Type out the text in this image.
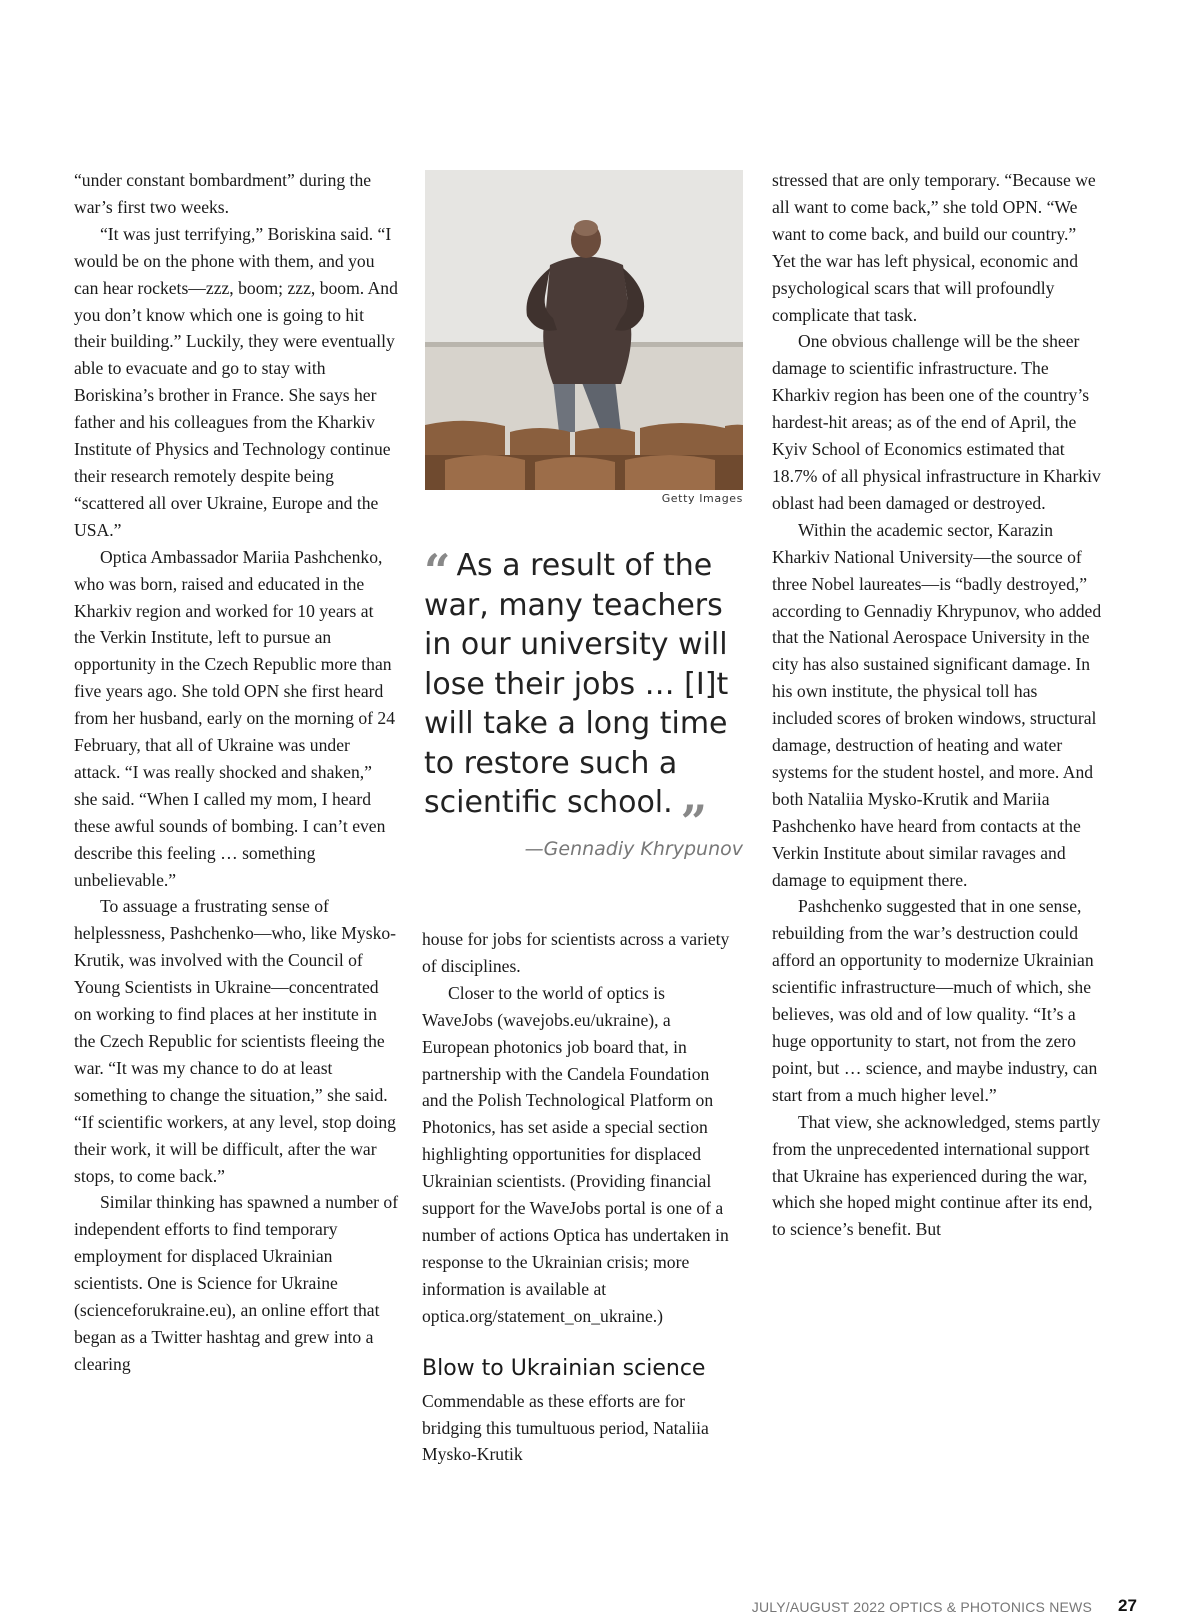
“under constant bombardment” during the war’s first two weeks.

“It was just terrifying,” Boriskina said. “I would be on the phone with them, and you can hear rockets—zzz, boom; zzz, boom. And you don’t know which one is going to hit their building.” Luckily, they were eventually able to evacuate and go to stay with Boriskina’s brother in France. She says her father and his colleagues from the Kharkiv Institute of Physics and Technology continue their research remotely despite being “scattered all over Ukraine, Europe and the USA.”

Optica Ambassador Mariia Pashchenko, who was born, raised and educated in the Kharkiv region and worked for 10 years at the Verkin Institute, left to pursue an opportunity in the Czech Republic more than five years ago. She told OPN she first heard from her husband, early on the morning of 24 February, that all of Ukraine was under attack. “I was really shocked and shaken,” she said. “When I called my mom, I heard these awful sounds of bombing. I can’t even describe this feeling … something unbelievable.”

To assuage a frustrating sense of helplessness, Pashchenko—who, like Mysko-Krutik, was involved with the Council of Young Scientists in Ukraine—concentrated on working to find places at her institute in the Czech Republic for scientists fleeing the war. “It was my chance to do at least something to change the situation,” she said. “If scientific workers, at any level, stop doing their work, it will be difficult, after the war stops, to come back.”

Similar thinking has spawned a number of independent efforts to find temporary employment for displaced Ukrainian scientists. One is Science for Ukraine (scienceforukraine.eu), an online effort that began as a Twitter hashtag and grew into a clearing

Getty Images
“ As a result of the war, many teachers in our university will lose their jobs … [I]t will take a long time to restore such a scientific school. ”
—Gennadiy Khrypunov

house for jobs for scientists across a variety of disciplines.

Closer to the world of optics is WaveJobs (wavejobs.eu/ukraine), a European photonics job board that, in partnership with the Candela Foundation and the Polish Technological Platform on Photonics, has set aside a special section highlighting opportunities for displaced Ukrainian scientists. (Providing financial support for the WaveJobs portal is one of a number of actions Optica has undertaken in response to the Ukrainian crisis; more information is available at optica.org/statement_on_ukraine.)

Blow to Ukrainian science

Commendable as these efforts are for bridging this tumultuous period, Nataliia Mysko-Krutik

stressed that are only temporary. “Because we all want to come back,” she told OPN. “We want to come back, and build our country.” Yet the war has left physical, economic and psychological scars that will profoundly complicate that task.

One obvious challenge will be the sheer damage to scientific infrastructure. The Kharkiv region has been one of the country’s hardest-hit areas; as of the end of April, the Kyiv School of Economics estimated that 18.7% of all physical infrastructure in Kharkiv oblast had been damaged or destroyed.

Within the academic sector, Karazin Kharkiv National University—the source of three Nobel laureates—is “badly destroyed,” according to Gennadiy Khrypunov, who added that the National Aerospace University in the city has also sustained significant damage. In his own institute, the physical toll has included scores of broken windows, structural damage, destruction of heating and water systems for the student hostel, and more. And both Nataliia Mysko-Krutik and Mariia Pashchenko have heard from contacts at the Verkin Institute about similar ravages and damage to equipment there.

Pashchenko suggested that in one sense, rebuilding from the war’s destruction could afford an opportunity to modernize Ukrainian scientific infrastructure—much of which, she believes, was old and of low quality. “It’s a huge opportunity to start, not from the zero point, but … science, and maybe industry, can start from a much higher level.”

That view, she acknowledged, stems partly from the unprecedented international support that Ukraine has experienced during the war, which she hoped might continue after its end, to science’s benefit. But

JULY/AUGUST 2022 OPTICS & PHOTONICS NEWS 27
